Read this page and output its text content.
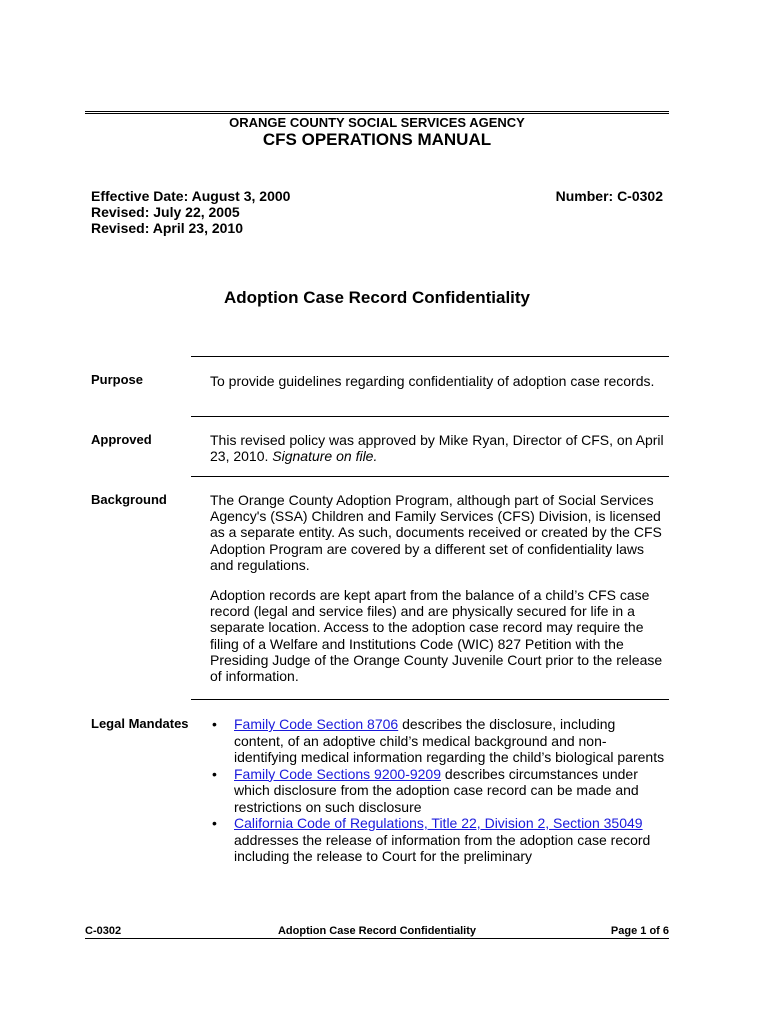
ORANGE COUNTY SOCIAL SERVICES AGENCY
CFS OPERATIONS MANUAL
Effective Date: August 3, 2000
Revised: July 22, 2005
Revised: April 23, 2010
Number: C-0302
Adoption Case Record Confidentiality
Purpose	To provide guidelines regarding confidentiality of adoption case records.
Approved	This revised policy was approved by Mike Ryan, Director of CFS, on April 23, 2010. Signature on file.
Background	The Orange County Adoption Program, although part of Social Services Agency's (SSA) Children and Family Services (CFS) Division, is licensed as a separate entity. As such, documents received or created by the CFS Adoption Program are covered by a different set of confidentiality laws and regulations.

Adoption records are kept apart from the balance of a child’s CFS case record (legal and service files) and are physically secured for life in a separate location. Access to the adoption case record may require the filing of a Welfare and Institutions Code (WIC) 827 Petition with the Presiding Judge of the Orange County Juvenile Court prior to the release of information.

Legal Mandates • Family Code Section 8706 describes the disclosure, including content, of an adoptive child’s medical background and non-identifying medical information regarding the child’s biological parents
• Family Code Sections 9200-9209 describes circumstances under which disclosure from the adoption case record can be made and restrictions on such disclosure
• California Code of Regulations, Title 22, Division 2, Section 35049 addresses the release of information from the adoption case record including the release to Court for the preliminary
C-0302	Adoption Case Record Confidentiality	Page 1 of 6
